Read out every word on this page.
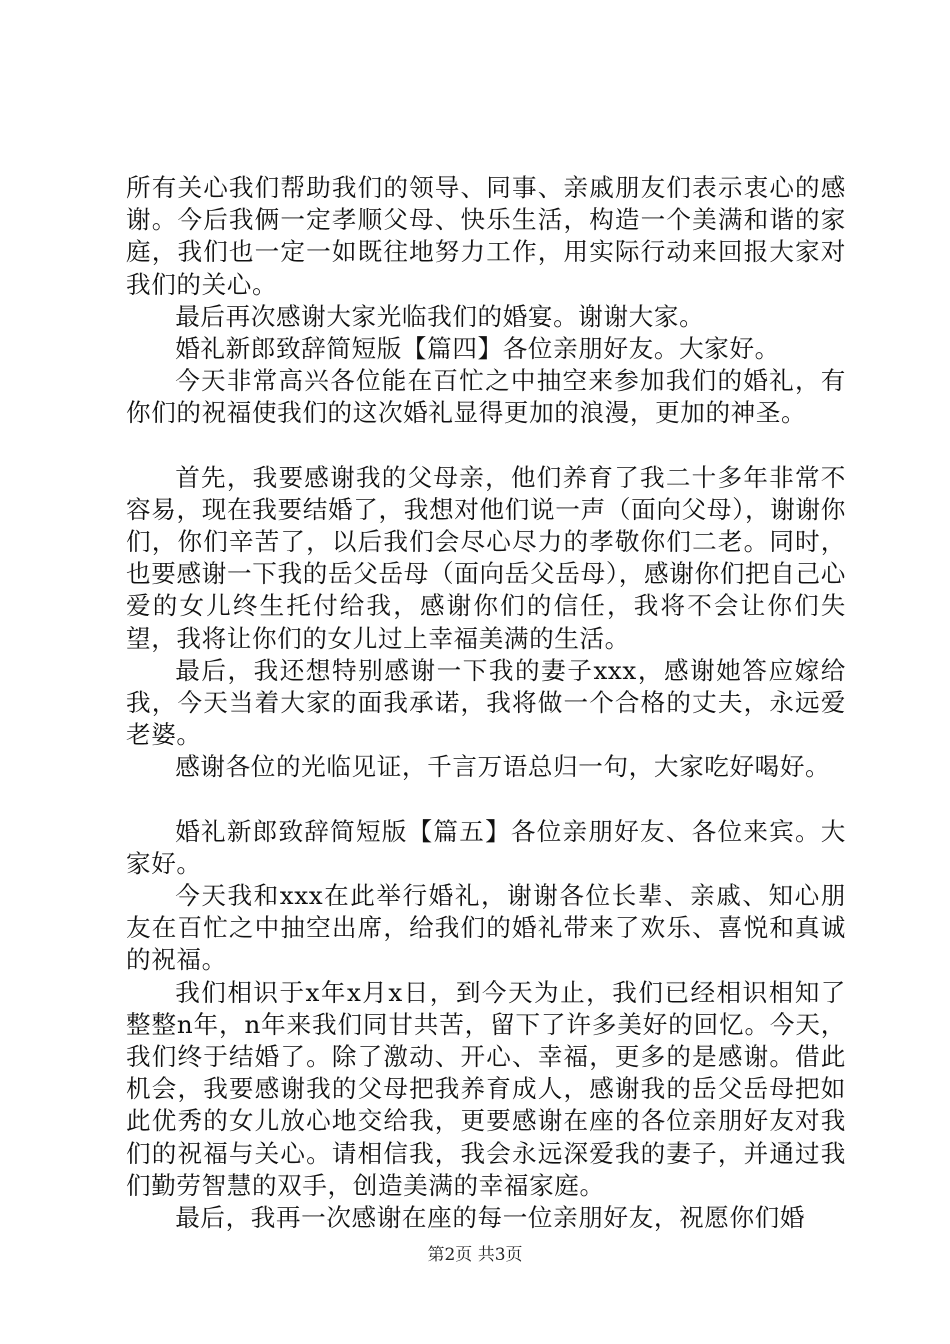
所有关心我们帮助我们的领导、同事、亲戚朋友们表示衷心的感谢。今后我俩一定孝顺父母、快乐生活，构造一个美满和谐的家庭，我们也一定一如既往地努力工作，用实际行动来回报大家对我们的关心。

最后再次感谢大家光临我们的婚宴。谢谢大家。

婚礼新郎致辞简短版【篇四】各位亲朋好友。大家好。

今天非常高兴各位能在百忙之中抽空来参加我们的婚礼，有你们的祝福使我们的这次婚礼显得更加的浪漫，更加的神圣。

首先，我要感谢我的父母亲，他们养育了我二十多年非常不容易，现在我要结婚了，我想对他们说一声（面向父母），谢谢你们，你们辛苦了，以后我们会尽心尽力的孝敬你们二老。同时，也要感谢一下我的岳父岳母（面向岳父岳母），感谢你们把自己心爱的女儿终生托付给我，感谢你们的信任，我将不会让你们失望，我将让你们的女儿过上幸福美满的生活。

最后，我还想特别感谢一下我的妻子xxx，感谢她答应嫁给我，今天当着大家的面我承诺，我将做一个合格的丈夫，永远爱老婆。

感谢各位的光临见证，千言万语总归一句，大家吃好喝好。

婚礼新郎致辞简短版【篇五】各位亲朋好友、各位来宾。大家好。

今天我和xxx在此举行婚礼，谢谢各位长辈、亲戚、知心朋友在百忙之中抽空出席，给我们的婚礼带来了欢乐、喜悦和真诚的祝福。

我们相识于x年x月x日，到今天为止，我们已经相识相知了整整n年，n年来我们同甘共苦，留下了许多美好的回忆。今天，我们终于结婚了。除了激动、开心、幸福，更多的是感谢。借此机会，我要感谢我的父母把我养育成人，感谢我的岳父岳母把如此优秀的女儿放心地交给我，更要感谢在座的各位亲朋好友对我们的祝福与关心。请相信我，我会永远深爱我的妻子，并通过我们勤劳智慧的双手，创造美满的幸福家庭。

最后，我再一次感谢在座的每一位亲朋好友，祝愿你们婚

第2页 共3页
